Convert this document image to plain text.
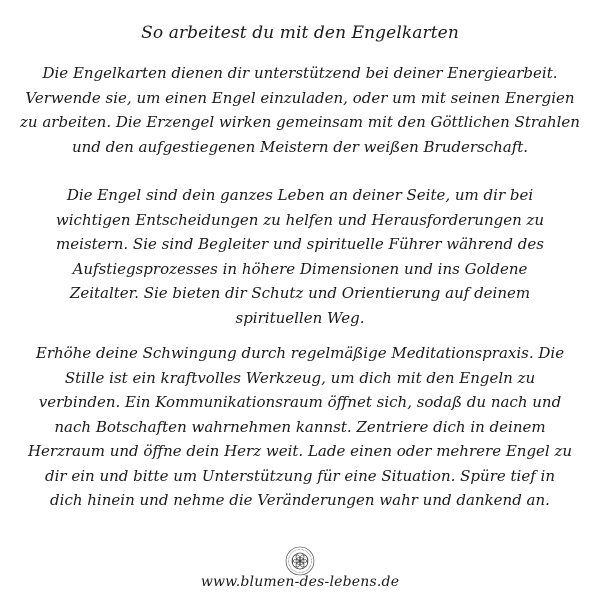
So arbeitest du mit den Engelkarten

Die Engelkarten dienen dir unterstützend bei deiner Energiearbeit.
Verwende sie, um einen Engel einzuladen, oder um mit seinen Energien
zu arbeiten. Die Erzengel wirken gemeinsam mit den Göttlichen Strahlen
und den aufgestiegenen Meistern der weißen Bruderschaft.

Die Engel sind dein ganzes Leben an deiner Seite, um dir bei
wichtigen Entscheidungen zu helfen und Herausforderungen zu
meistern. Sie sind Begleiter und spirituelle Führer während des
Aufstiegsprozesses in höhere Dimensionen und ins Goldene
Zeitalter. Sie bieten dir Schutz und Orientierung auf deinem
spirituellen Weg.

Erhöhe deine Schwingung durch regelmäßige Meditationspraxis. Die
Stille ist ein kraftvolles Werkzeug, um dich mit den Engeln zu
verbinden. Ein Kommunikationsraum öffnet sich, sodaß du nach und
nach Botschaften wahrnehmen kannst. Zentriere dich in deinem
Herzraum und öffne dein Herz weit. Lade einen oder mehrere Engel zu
dir ein und bitte um Unterstützung für eine Situation. Spüre tief in
dich hinein und nehme die Veränderungen wahr und dankend an.

www.blumen-des-lebens.de
